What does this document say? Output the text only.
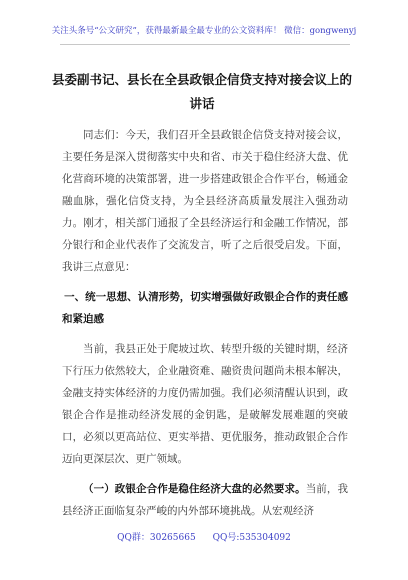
关注头条号“公文研究”，获得最新最全最专业的公文资料库！ 微信：gongwenyj
县委副书记、县长在全县政银企信贷支持对接会议上的讲话

同志们：今天，我们召开全县政银企信贷支持对接会议，主要任务是深入贯彻落实中央和省、市关于稳住经济大盘、优化营商环境的决策部署，进一步搭建政银企合作平台，畅通金融血脉，强化信贷支持，为全县经济高质量发展注入强劲动力。刚才，相关部门通报了全县经济运行和金融工作情况，部分银行和企业代表作了交流发言，听了之后很受启发。下面，我讲三点意见：

一、统一思想、认清形势，切实增强做好政银企合作的责任感和紧迫感

当前，我县正处于爬坡过坎、转型升级的关键时期，经济下行压力依然较大，企业融资难、融资贵问题尚未根本解决，金融支持实体经济的力度仍需加强。我们必须清醒认识到，政银企合作是推动经济发展的金钥匙，是破解发展难题的突破口，必须以更高站位、更实举措、更优服务，推动政银企合作迈向更深层次、更广领域。

（一）政银企合作是稳住经济大盘的必然要求。当前，我县经济正面临复杂严峻的内外部环境挑战。从宏观经济

QQ群：30265665 QQ号:535304092
